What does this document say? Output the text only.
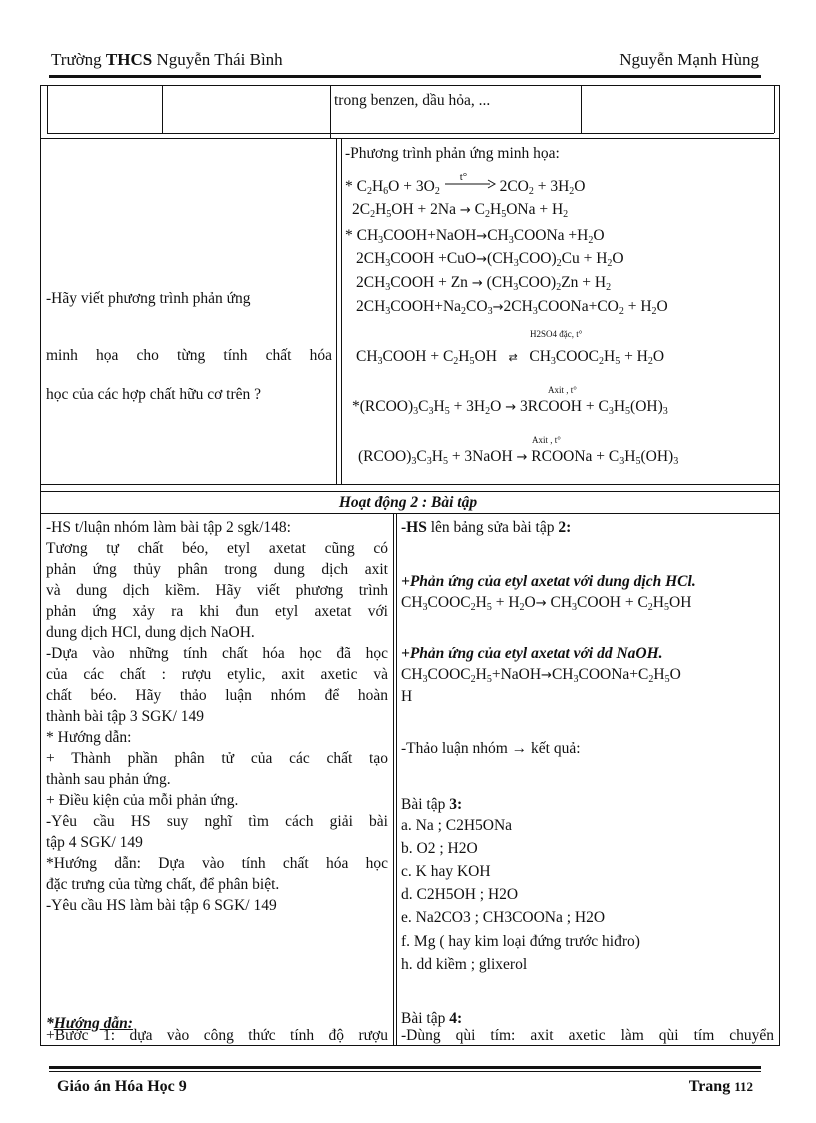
Trường THCS Nguyễn Thái Bình	Nguyễn Mạnh Hùng
trong benzen, dầu hỏa, ...
Hoạt động 2 : Bài tập
-Hãy viết phương trình phản ứng
minh họa cho từng tính chất hóa
học của các hợp chất hữu cơ trên ?
-Phương trình phản ứng minh họa:
* $C_2H_6O + 3O_2$
t°
$2CO_2 + 3H_2O$
$2C_2H_5OH + 2Na \to C_2H_5ONa + H_2$
* $CH_3COOH+NaOH\to CH_3COONa +H_2O$
$2CH_3COOH +CuO\to(CH_3COO)_2Cu + H_2O$
$2CH_3COOH + Zn \to (CH_3COO)_2Zn + H_2$
$2CH_3COOH+Na_2CO_3\to 2CH_3COONa+CO_2 + H_2O$
H2SO4 đặc, t°
$CH_3COOH + C_2H_5OH$   ⇄   $CH_3COOC_2H_5 + H_2O$
Axit , t°
$*(RCOO)_3C_3H_5 + 3H_2O$ → 3RCOOH + $C_3H_5(OH)_3$
Axit , t°
$(RCOO)_3C_3H_5$ + 3NaOH → RCOONa + $C_3H_5(OH)_3$
-HS t/luận nhóm làm bài tập 2 sgk/148:
Tương tự chất béo, etyl axetat cũng có
phản ứng thủy phân trong dung dịch axit
và dung dịch kiềm. Hãy viết phương trình
phản ứng xảy ra khi đun etyl axetat với
dung dịch HCl, dung dịch NaOH.
-Dựa vào những tính chất hóa học đã học
của các chất : rượu etylic, axit axetic và
chất béo. Hãy thảo luận nhóm để hoàn
thành bài tập 3 SGK/ 149
* Hướng dẫn:
+ Thành phần phân tử của các chất tạo
thành sau phản ứng.
+ Điều kiện của mỗi phản ứng.
-Yêu cầu HS suy nghĩ tìm cách giải bài
tập 4 SGK/ 149
*Hướng dẫn: Dựa vào tính chất hóa học
đặc trưng của từng chất, để phân biệt.
-Yêu cầu HS làm bài tập 6 SGK/ 149
*Hướng dẫn:
+Bước 1: dựa vào công thức tính độ rượu
-HS lên bảng sửa bài tập 2:
+Phản ứng của etyl axetat với dung dịch HCl.
$CH_3COOC_2H_5 + H_2O\to$ $CH_3COOH + C_2H_5OH$
+Phản ứng của etyl axetat với dd NaOH.
$CH_3COOC_2H_5+NaOH\to CH_3COONa+C_2H_5O$
H
-Thảo luận nhóm → kết quả:
Bài tập 3:
a. Na ; C2H5ONa
b. O2 ; H2O
c. K hay KOH
d. C2H5OH ; H2O
e. Na2CO3 ; CH3COONa ; H2O
f. Mg ( hay kim loại đứng trước hiđro)
h. dd kiềm ; glixerol
Bài tập 4:
-Dùng qùi tím: axit axetic làm qùi tím chuyển
Giáo án Hóa Học 9	Trang 112
